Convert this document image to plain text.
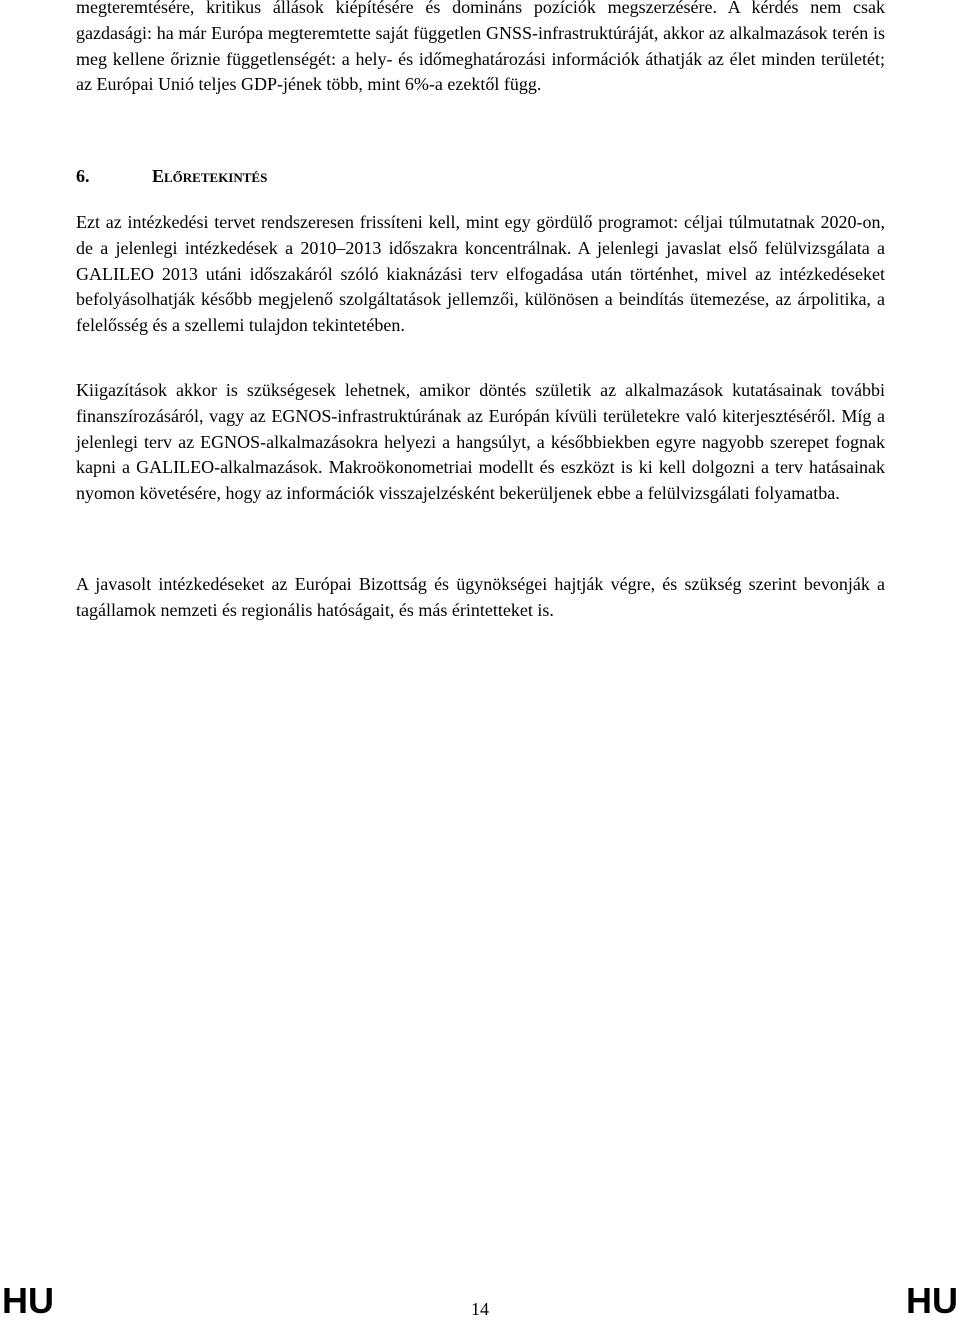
megteremtésére, kritikus állások kiépítésére és domináns pozíciók megszerzésére. A kérdés nem csak gazdasági: ha már Európa megteremtette saját független GNSS-infrastruktúráját, akkor az alkalmazások terén is meg kellene őriznie függetlenségét: a hely- és időmeghatározási információk áthatják az élet minden területét; az Európai Unió teljes GDP-jének több, mint 6%-a ezektől függ.

6.	Előretekintés

Ezt az intézkedési tervet rendszeresen frissíteni kell, mint egy gördülő programot: céljai túlmutatnak 2020-on, de a jelenlegi intézkedések a 2010–2013 időszakra koncentrálnak. A jelenlegi javaslat első felülvizsgálata a GALILEO 2013 utáni időszakáról szóló kiaknázási terv elfogadása után történhet, mivel az intézkedéseket befolyásolhatják később megjelenő szolgáltatások jellemzői, különösen a beindítás ütemezése, az árpolitika, a felelősség és a szellemi tulajdon tekintetében.

Kiigazítások akkor is szükségesek lehetnek, amikor döntés születik az alkalmazások kutatásainak további finanszírozásáról, vagy az EGNOS-infrastruktúrának az Európán kívüli területekre való kiterjesztéséről. Míg a jelenlegi terv az EGNOS-alkalmazásokra helyezi a hangsúlyt, a későbbiekben egyre nagyobb szerepet fognak kapni a GALILEO-alkalmazások. Makroökonometriai modellt és eszközt is ki kell dolgozni a terv hatásainak nyomon követésére, hogy az információk visszajelzésként bekerüljenek ebbe a felülvizsgálati folyamatba.

A javasolt intézkedéseket az Európai Bizottság és ügynökségei hajtják végre, és szükség szerint bevonják a tagállamok nemzeti és regionális hatóságait, és más érintetteket is.

HU	14	HU
